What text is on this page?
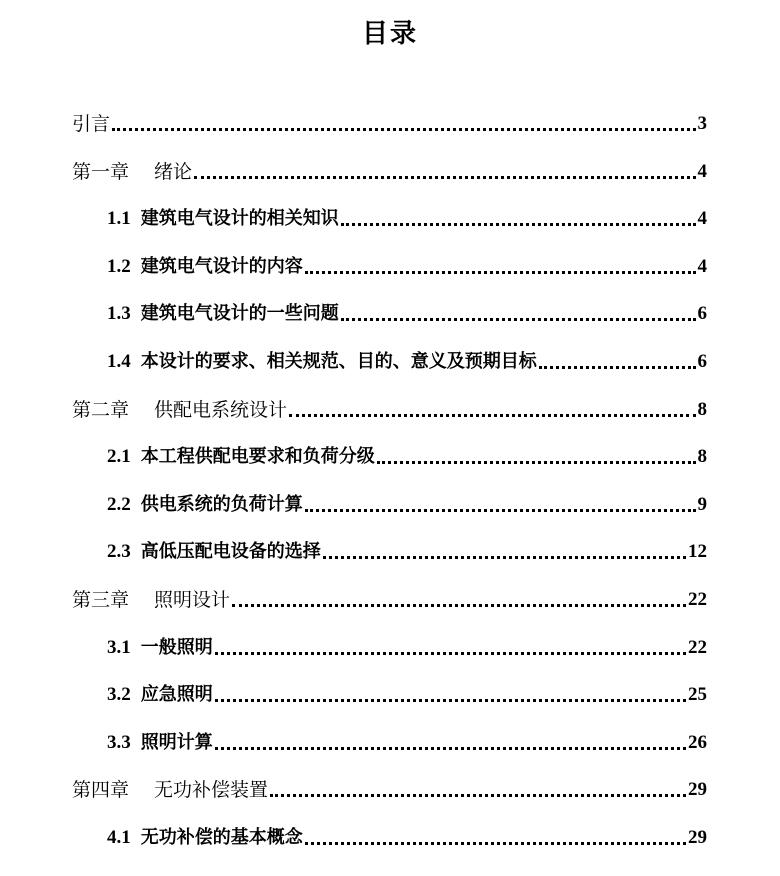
目录
引言	3
第一章　 绪论	4
1.1 建筑电气设计的相关知识	4
1.2 建筑电气设计的内容	4
1.3 建筑电气设计的一些问题	6
1.4 本设计的要求、相关规范、目的、意义及预期目标	6
第二章　 供配电系统设计	8
2.1 本工程供配电要求和负荷分级	8
2.2 供电系统的负荷计算	9
2.3 高低压配电设备的选择	12
第三章　 照明设计	22
3.1 一般照明	22
3.2 应急照明	25
3.3 照明计算	26
第四章　 无功补偿装置	29
4.1 无功补偿的基本概念	29
